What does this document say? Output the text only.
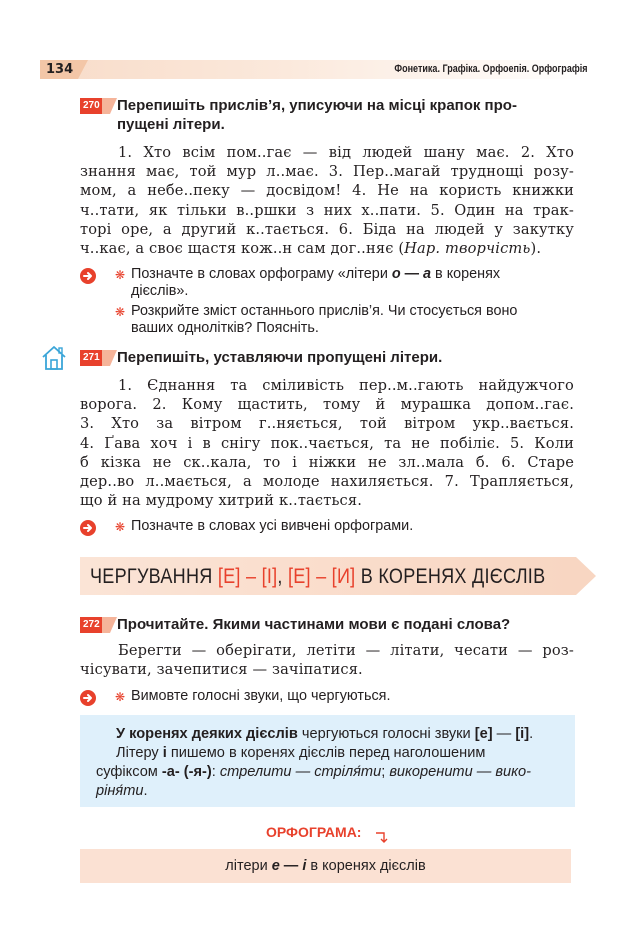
134	Фонетика. Графіка. Орфоепія. Орфографія
270	Перепишіть прислів’я, уписуючи на місці крапок про-
пущені літери.
1. Хто всім пом..гає — від людей шану має. 2. Хто
знання має, той мур л..має. 3. Пер..магай труднощі розу-
мом, а небе..пеку — досвідом! 4. Не на користь книжки
ч..тати, як тільки в..ршки з них х..пати. 5. Один на трак-
торі оре, а другий к..тається. 6. Біда на людей у закутку
ч..кає, а своє щастя кож..н сам дог..няє (Нар. творчість).
❋ Позначте в словах орфограму «літери о — а в коренях
дієслів».
❋ Розкрийте зміст останнього прислів’я. Чи стосується воно
ваших однолітків? Поясніть.
271	Перепишіть, уставляючи пропущені літери.
1. Єднання та сміливість пер..м..гають найдужчого
ворога. 2. Кому щастить, тому й мурашка допом..гає.
3. Хто за вітром г..няється, той вітром укр..вається.
4. Ґава хоч і в снігу пок..чається, та не побіліє. 5. Коли
б кізка не ск..кала, то і ніжки не зл..мала б. 6. Старе
дер..во л..мається, а молоде нахиляється. 7. Трапляється,
що й на мудрому хитрий к..тається.
❋ Позначте в словах усі вивчені орфограми.
ЧЕРГУВАННЯ [Е] – [І], [Е] – [И] В КОРЕНЯХ ДІЄСЛІВ
272	Прочитайте. Якими частинами мови є подані слова?
Берегти — оберігати, летіти — літати, чесати — роз-
чісувати, зачепитися — зачіпатися.
❋ Вимовте голосні звуки, що чергуються.
У коренях деяких дієслів чергуються голосні звуки [е] — [і].
Літеру і пишемо в коренях дієслів перед наголошеним
суфіксом -а- (-я-): стрелити — стріля́ти; викоренити — вико-
ріня́ти.
ОРФОГРАМА:
літери е — і в коренях дієслів
